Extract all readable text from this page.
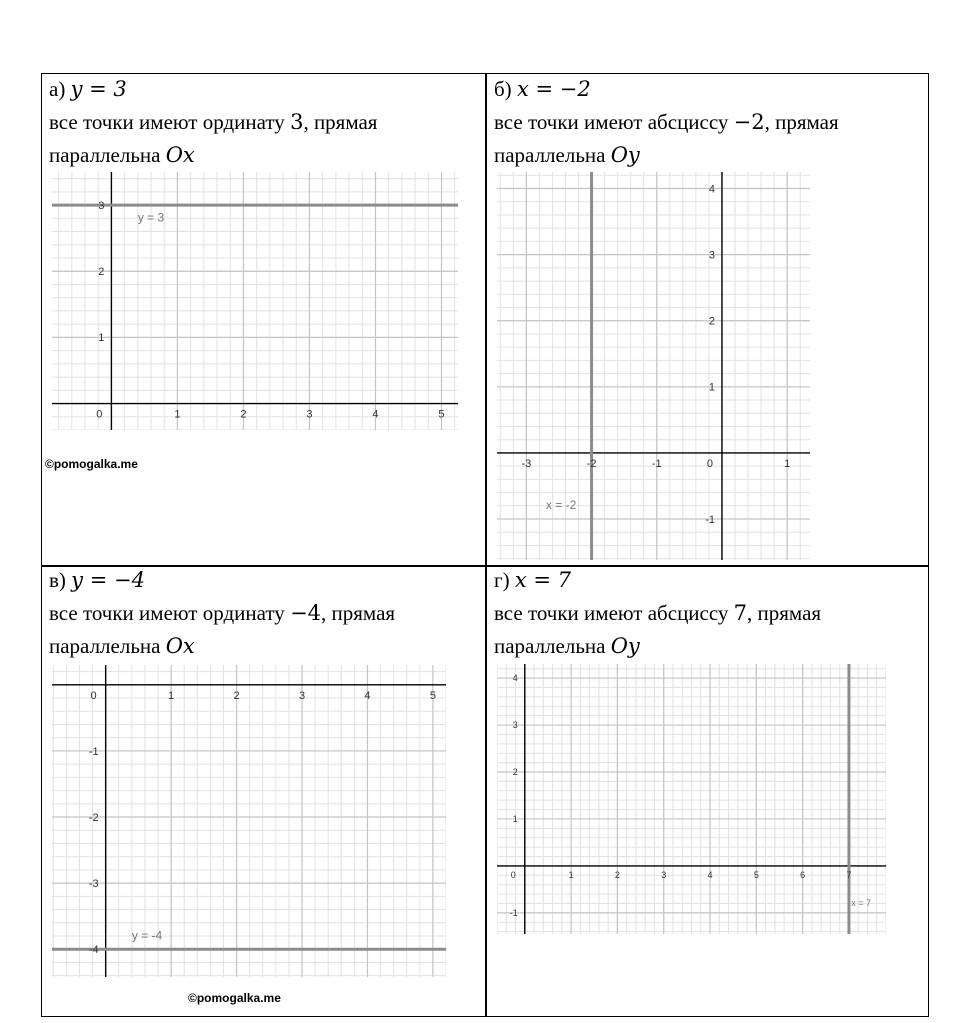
а) y = 3
все точки имеют ординату 3, прямая
параллельна Ox
б) x = −2
все точки имеют абсциссу −2, прямая
параллельна Oy
в) y = −4
все точки имеют ординату −4, прямая
параллельна Ox
г) x = 7
все точки имеют абсциссу 7, прямая
параллельна Oy
1	2	3	4	5
1
2
3
0
y = 3
-3	-2	-1	1
-1
1
2
3
4
0
x = -2
1	2	3	4	5
-1
-2
-3
-4
0
y = -4
1	2	3	4	5	6	7
-1
1
2
3
4
0
x = 7
©pomogalka.me
©pomogalka.me
